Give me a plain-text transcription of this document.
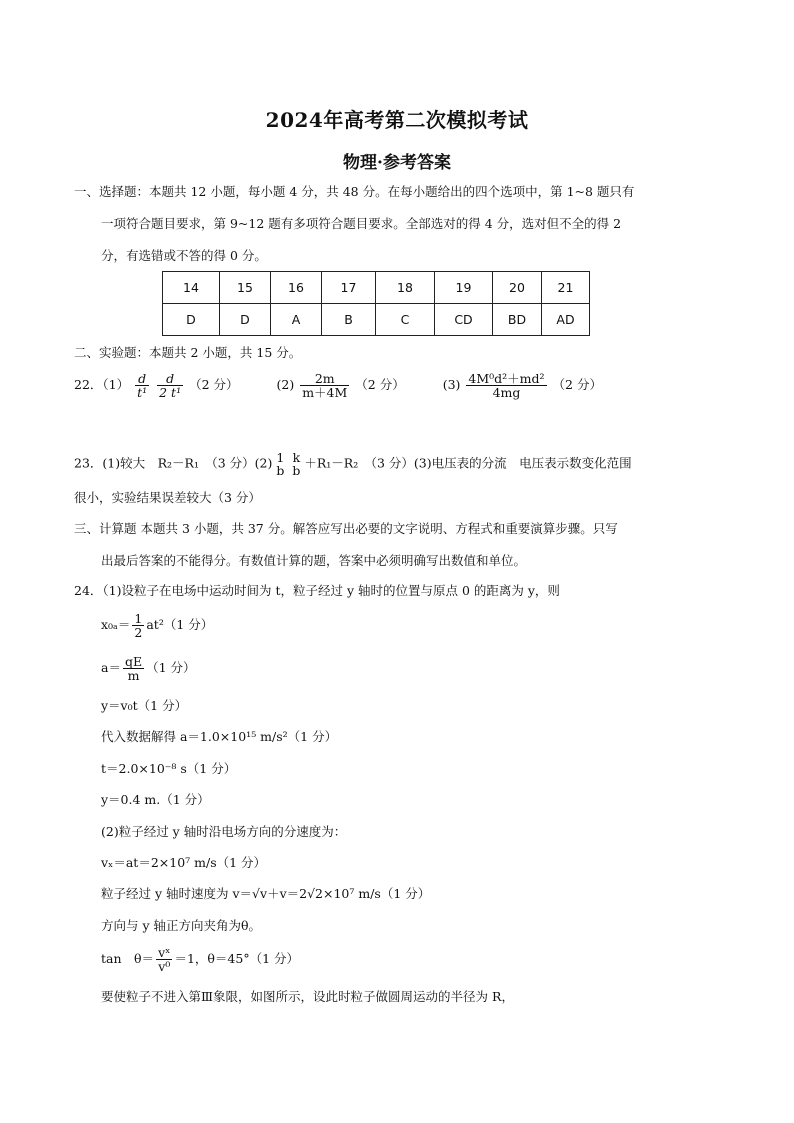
2024年高考第二次模拟考试
物理·参考答案
一、选择题：本题共 12 小题，每小题 4 分，共 48 分。在每小题给出的四个选项中，第 1~8 题只有
一项符合题目要求，第 9~12 题有多项符合题目要求。全部选对的得 4 分，选对但不全的得 2
分，有选错或不答的得 0 分。
14	15	16	17	18	19	20	21
D	D	A	B	C	CD	BD	AD
二、实验题：本题共 2 小题，共 15 分。
22．$(1) \frac{d}{\text{t¹}}$
$\frac{d}{\text{2 t¹}} (2$ 分）	$(2) \frac{2m}{m+4M} (2$ 分）	$(3) \frac{\text{4M⁰d²＋md²}}{4mg} (2$ 分）
23．(1)较大　R₂－R₁　（3 分）(2) 1
b
k
b ＋R₁－R₂　（3 分）(3)电压表的分流　电压表示数变化范围
很小，实验结果误差较大（3 分）
三、计算题 本题共 3 小题，共 37 分。解答应写出必要的文字说明、方程式和重要演算步骤。只写
出最后答案的不能得分。有数值计算的题，答案中必须明确写出数值和单位。
24．（1)设粒子在电场中运动时间为 t，粒子经过 y 轴时的位置与原点 0 的距离为 y，则
$x_{0a}= \frac{1}{2} at^2(1$ 分）
$a= \frac{qE}{m} (1$ 分）
y＝v₀t（1 分）
代入数据解得 a＝1.0×10¹⁵ m/s²（1 分）
t＝2.0×10⁻⁸ s（1 分）
y＝0.4 m.（1 分）
(2)粒子经过 y 轴时沿电场方向的分速度为：
vₓ＝at＝2×10⁷ m/s（1 分）
粒子经过 y 轴时速度为 v＝√v＋v＝2√2×10⁷ m/s（1 分）
方向与 y 轴正方向夹角为θ。
tan　$\theta= \frac{\text{vˣ}}{\text{v⁰}} =1$，θ＝45°（1 分）
要使粒子不进入第Ⅲ象限，如图所示，设此时粒子做圆周运动的半径为 R，
